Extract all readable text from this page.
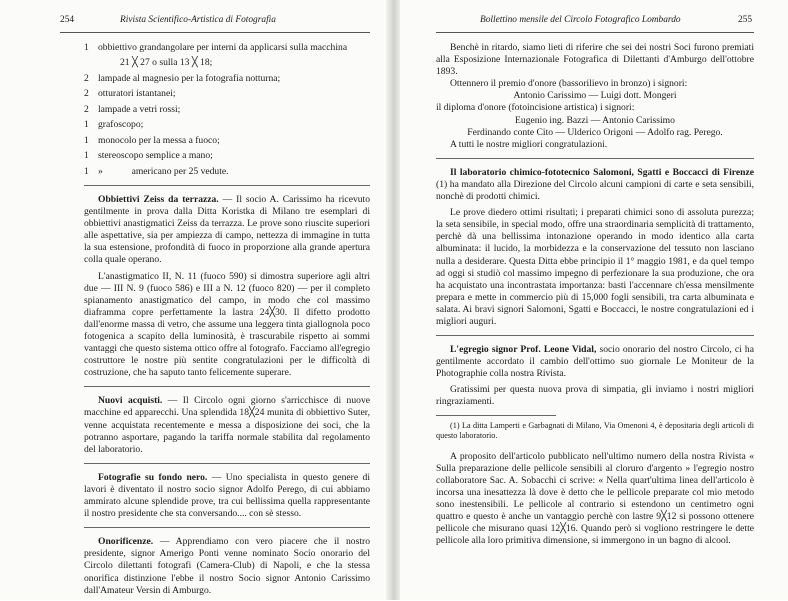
254	Rivista Scientifico-Artistica di Fotografia
1 obbiettivo grandangolare per interni da applicarsi sulla macchina
21 ╳ 27 o sulla 13 ╳ 18;
2 lampade al magnesio per la fotografia notturna;
2 otturatori istantanei;
2 lampade a vetri rossi;
1 grafoscopo;
1 monocolo per la messa a fuoco;
1 stereoscopo semplice a mano;
1 »            americano per 25 vedute.

Obbiettivi Zeiss da terrazza. — Il socio A. Carissimo ha ricevuto gentilmente in prova dalla Ditta Koristka di Milano tre esemplari di obbiettivi anastigmatici Zeiss da terrazza. Le prove sono riuscite superiori alle aspettative, sia per ampiezza di campo, nettezza di immagine in tutta la sua estensione, profondità di fuoco in proporzione alla grande apertura colla quale operano.

L'anastigmatico II, N. 11 (fuoco 590) si dimostra superiore agli altri due — III N. 9 (fuoco 586) e III a N. 12 (fuoco 820) — per il completo spianamento anastigmatico del campo, in modo che col massimo diaframma copre perfettamente la lastra 24╳30. Il difetto prodotto dall'enorme massa di vetro, che assume una leggera tinta giallognola poco fotogenica a scapito della luminosità, è trascurabile rispetto ai sommi vantaggi che questo sistema ottico offre al fotografo. Facciamo all'egregio costruttore le nostre più sentite congratulazioni per le difficoltà di costruzione, che ha saputo tanto felicemente superare.

Nuovi acquisti. — Il Circolo ogni giorno s'arricchisce di nuove macchine ed apparecchi. Una splendida 18╳24 munita di obbiettivo Suter, venne acquistata recentemente e messa a disposizione dei soci, che la potranno asportare, pagando la tariffa normale stabilita dal regolamento del laboratorio.

Fotografie su fondo nero. — Uno specialista in questo genere di lavori è diventato il nostro socio signor Adolfo Perego, di cui abbiamo ammirato alcune splendide prove, tra cui bellissima quella rappresentante il nostro presidente che sta conversando.... con sè stesso.

Onorificenze. — Apprendiamo con vero piacere che il nostro presidente, signor Amerigo Ponti venne nominato Socio onorario del Circolo dilettanti fotografi (Camera-Club) di Napoli, e che la stessa onorifica distinzione l'ebbe il nostro Socio signor Antonio Carissimo dall'Amateur Versin di Amburgo.

Bollettino mensile del Circolo Fotografico Lombardo	255

Benchè in ritardo, siamo lieti di riferire che sei dei nostri Soci furono premiati alla Esposizione Internazionale Fotografica di Dilettanti d'Amburgo dell'ottobre 1893.

Ottennero il premio d'onore (bassorilievo in bronzo) i signori:

Antonio Carissimo — Luigi dott. Mongeri

il diploma d'onore (fotoincisione artistica) i signori:

Eugenio ing. Bazzi — Antonio Carissimo

Ferdinando conte Cito — Ulderico Origoni — Adolfo rag. Perego.

A tutti le nostre migliori congratulazioni.

Il laboratorio chimico-fototecnico Salomoni, Sgatti e Boccacci di Firenze (1) ha mandato alla Direzione del Circolo alcuni campioni di carte e seta sensibili, nonchè di prodotti chimici.

Le prove diedero ottimi risultati; i preparati chimici sono di assoluta purezza; la seta sensibile, in special modo, offre una straordinaria semplicità di trattamento, perchè dà una bellissima intonazione operando in modo identico alla carta albuminata: il lucido, la morbidezza e la conservazione del tessuto non lasciano nulla a desiderare. Questa Ditta ebbe principio il 1° maggio 1981, e da quel tempo ad oggi si studiò col massimo impegno di perfezionare la sua produzione, che ora ha acquistato una incontrastata importanza: basti l'accennare ch'essa mensilmente prepara e mette in commercio più di 15,000 fogli sensibili, tra carta albuminata e salata. Ai bravi signori Salomoni, Sgatti e Boccacci, le nostre congratulazioni ed i migliori auguri.

L'egregio signor Prof. Leone Vidal, socio onorario del nostro Circolo, ci ha gentilmente accordato il cambio dell'ottimo suo giornale Le Moniteur de la Photographie colla nostra Rivista.

Gratissimi per questa nuova prova di simpatia, gli inviamo i nostri migliori ringraziamenti.

(1) La ditta Lamperti e Garbagnati di Milano, Via Omenoni 4, è depositaria degli articoli di questo laboratorio.

A proposito dell'articolo pubblicato nell'ultimo numero della nostra Rivista « Sulla preparazione delle pellicole sensibili al cloruro d'argento » l'egregio nostro collaboratore Sac. A. Sobacchi ci scrive: « Nella quart'ultima linea dell'articolo è incorsa una inesattezza là dove è detto che le pellicole preparate col mio metodo sono inestensibili. Le pellicole al contrario si estendono un centimetro ogni quattro e questo è anche un vantaggio perchè con lastre 9╳12 si possono ottenere pellicole che misurano quasi 12╳16. Quando però si vogliono restringere le dette pellicole alla loro primitiva dimensione, si immergono in un bagno di alcool.
